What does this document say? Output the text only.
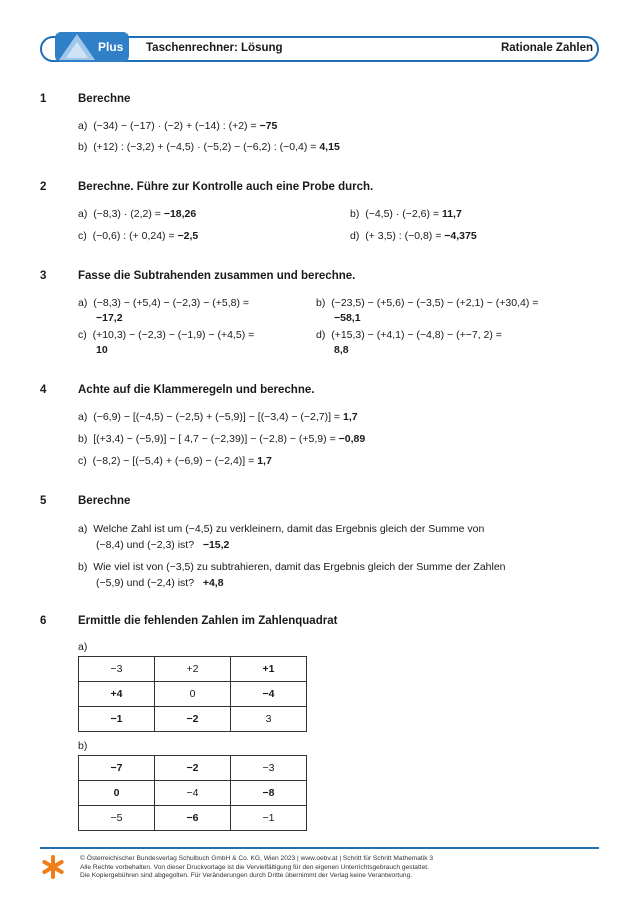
Plus Taschenrechner: Lösung	Rationale Zahlen
1	Berechne
a) (−34) − (−17) · (−2) + (−14) : (+2) = −75
b) (+12) : (−3,2) + (−4,5) · (−5,2) − (−6,2) : (−0,4) = 4,15
2	Berechne. Führe zur Kontrolle auch eine Probe durch.
a) (−8,3) · (2,2) = −18,26	b) (−4,5) · (−2,6) = 11,7
c) (−0,6) : (+ 0,24) = −2,5	d) (+ 3,5) : (−0,8) = −4,375
3	Fasse die Subtrahenden zusammen und berechne.
a) (−8,3) − (+5,4) − (−2,3) − (+5,8) =
−17,2
b) (−23,5) − (+5,6) − (−3,5) − (+2,1) − (+30,4) =
−58,1
c) (+10,3) − (−2,3) − (−1,9) − (+4,5) =
10
d) (+15,3) − (+4,1) − (−4,8) − (+−7, 2) =
8,8
4	Achte auf die Klammeregeln und berechne.
a) (−6,9) − [(−4,5) − (−2,5) + (−5,9)] − [(−3,4) − (−2,7)] = 1,7
b) [(+3,4) − (−5,9)] − [ 4,7 − (−2,39)] − (−2,8) − (+5,9) = −0,89
c) (−8,2) − [(−5,4) + (−6,9) − (−2,4)] = 1,7
5	Berechne
a) Welche Zahl ist um (−4,5) zu verkleinern, damit das Ergebnis gleich der Summe von
(−8,4) und (−2,3) ist? −15,2
b) Wie viel ist von (−3,5) zu subtrahieren, damit das Ergebnis gleich der Summe der Zahlen
(−5,9) und (−2,4) ist? +4,8
6	Ermittle die fehlenden Zahlen im Zahlenquadrat
a)
−3	+2	+1
+4	0	−4
−1	−2	3
b)
−7	−2	−3
0	−4	−8
−5	−6	−1
© Österreichischer Bundesverlag Schulbuch GmbH & Co. KG, Wien 2023 | www.oebv.at | Schritt für Schritt Mathematik 3
Alle Rechte vorbehalten. Von dieser Druckvorlage ist die Vervielfältigung für den eigenen Unterrichtsgebrauch gestattet.
Die Kopiergebühren sind abgegolten. Für Veränderungen durch Dritte übernimmt der Verlag keine Verantwortung.
